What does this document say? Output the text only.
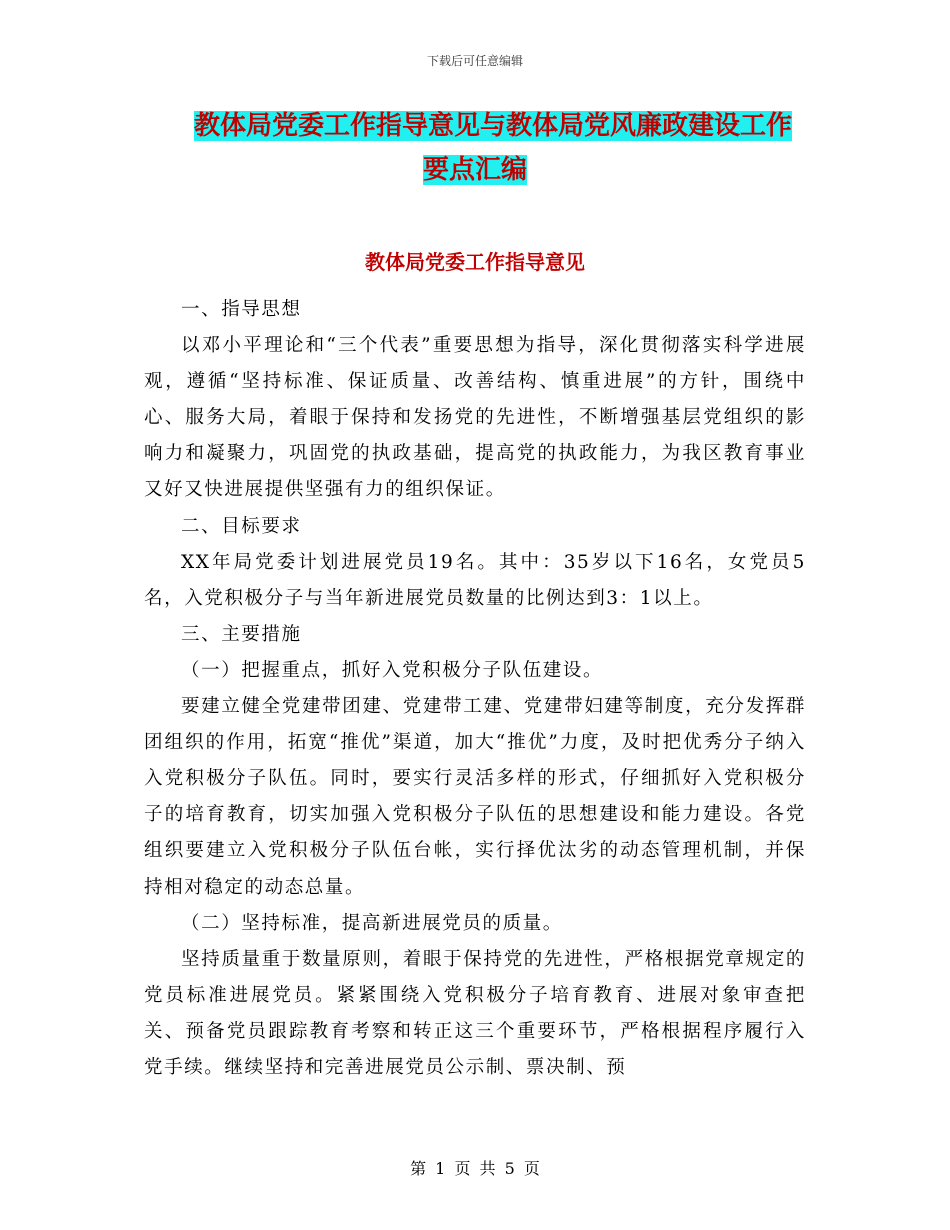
下载后可任意编辑
教体局党委工作指导意见与教体局党风廉政建设工作
要点汇编
教体局党委工作指导意见

一、指导思想

以邓小平理论和“三个代表”重要思想为指导，深化贯彻落实科学进展观，遵循“坚持标准、保证质量、改善结构、慎重进展”的方针，围绕中心、服务大局，着眼于保持和发扬党的先进性，不断增强基层党组织的影响力和凝聚力，巩固党的执政基础，提高党的执政能力，为我区教育事业又好又快进展提供坚强有力的组织保证。

二、目标要求

XX年局党委计划进展党员19名。其中：35岁以下16名，女党员5名，入党积极分子与当年新进展党员数量的比例达到3：1以上。

三、主要措施

（一）把握重点，抓好入党积极分子队伍建设。

要建立健全党建带团建、党建带工建、党建带妇建等制度，充分发挥群团组织的作用，拓宽“推优”渠道，加大“推优”力度，及时把优秀分子纳入入党积极分子队伍。同时，要实行灵活多样的形式，仔细抓好入党积极分子的培育教育，切实加强入党积极分子队伍的思想建设和能力建设。各党组织要建立入党积极分子队伍台帐，实行择优汰劣的动态管理机制，并保持相对稳定的动态总量。

（二）坚持标准，提高新进展党员的质量。

坚持质量重于数量原则，着眼于保持党的先进性，严格根据党章规定的党员标准进展党员。紧紧围绕入党积极分子培育教育、进展对象审查把关、预备党员跟踪教育考察和转正这三个重要环节，严格根据程序履行入党手续。继续坚持和完善进展党员公示制、票决制、预

第 1 页 共 5 页
